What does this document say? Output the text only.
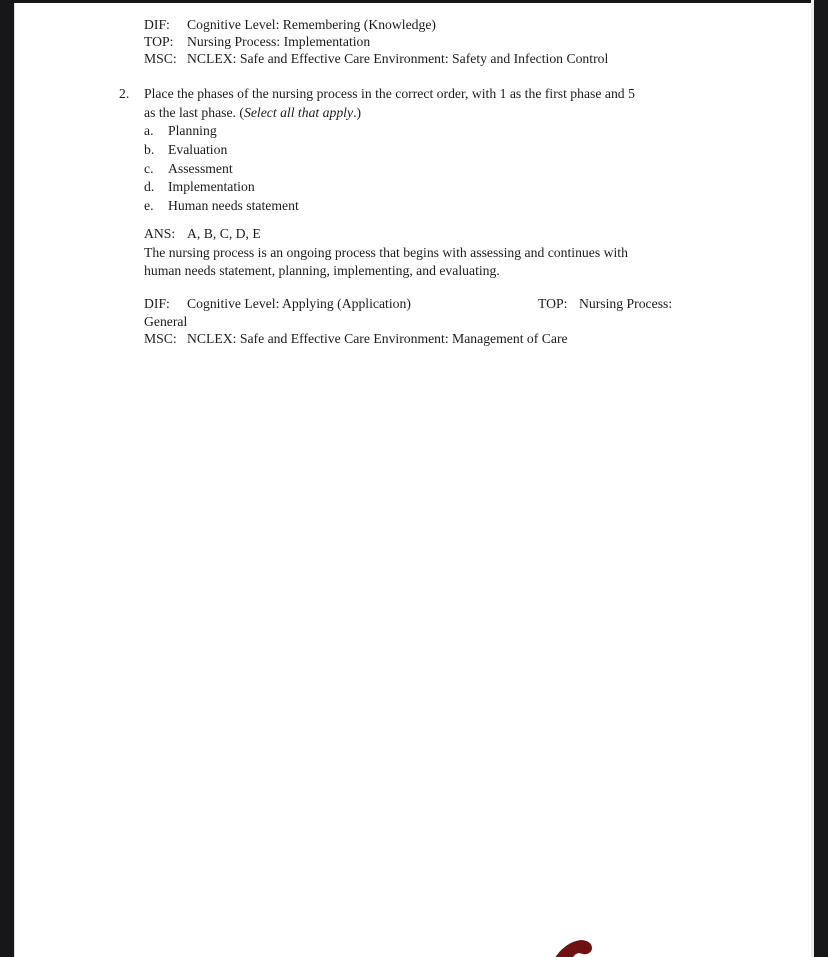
DIF: Cognitive Level: Remembering (Knowledge)
TOP: Nursing Process: Implementation
MSC: NCLEX: Safe and Effective Care Environment: Safety and Infection Control
2. Place the phases of the nursing process in the correct order, with 1 as the first phase and 5
as the last phase. (Select all that apply.)
a. Planning
b. Evaluation
c. Assessment
d. Implementation
e. Human needs statement
ANS: A, B, C, D, E
The nursing process is an ongoing process that begins with assessing and continues with
human needs statement, planning, implementing, and evaluating.
DIF: Cognitive Level: Applying (Application)	TOP: Nursing Process:
General
MSC: NCLEX: Safe and Effective Care Environment: Management of Care
